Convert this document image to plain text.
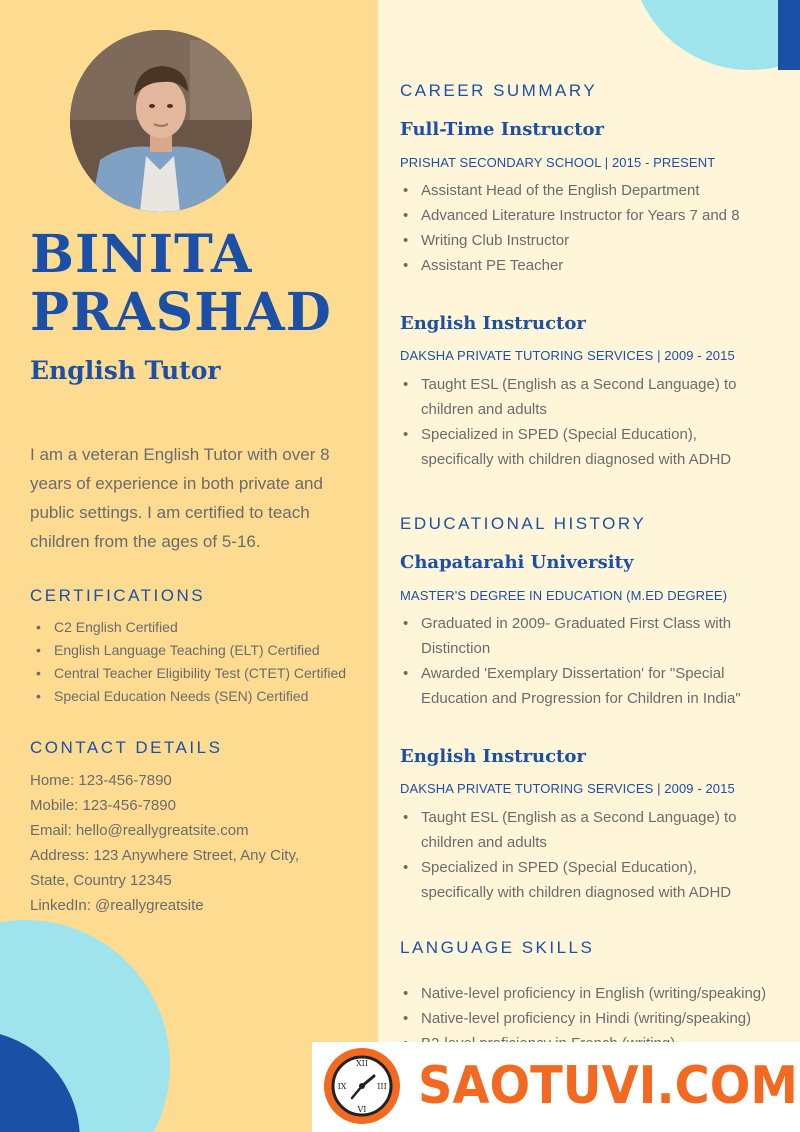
BINITA
PRASHAD
English Tutor

I am a veteran English Tutor with over 8 years of experience in both private and public settings. I am certified to teach children from the ages of 5-16.

CERTIFICATIONS
• C2 English Certified
• English Language Teaching (ELT) Certified
• Central Teacher Eligibility Test (CTET) Certified
• Special Education Needs (SEN) Certified
CONTACT DETAILS
Home: 123-456-7890
Mobile: 123-456-7890
Email: hello@reallygreatsite.com
Address: 123 Anywhere Street, Any City,
State, Country 12345
LinkedIn: @reallygreatsite
CAREER SUMMARY
Full-Time Instructor
PRISHAT SECONDARY SCHOOL | 2015 - PRESENT
• Assistant Head of the English Department
• Advanced Literature Instructor for Years 7 and 8
• Writing Club Instructor
• Assistant PE Teacher
English Instructor
DAKSHA PRIVATE TUTORING SERVICES | 2009 - 2015
• Taught ESL (English as a Second Language) to children and adults
• Specialized in SPED (Special Education), specifically with children diagnosed with ADHD
EDUCATIONAL HISTORY
Chapatarahi University
MASTER'S DEGREE IN EDUCATION (M.ED DEGREE)
• Graduated in 2009- Graduated First Class with Distinction
• Awarded 'Exemplary Dissertation' for "Special Education and Progression for Children in India"
English Instructor
DAKSHA PRIVATE TUTORING SERVICES | 2009 - 2015
• Taught ESL (English as a Second Language) to children and adults
• Specialized in SPED (Special Education), specifically with children diagnosed with ADHD
LANGUAGE SKILLS
• Native-level proficiency in English (writing/speaking)
• Native-level proficiency in Hindi (writing/speaking)
•
XII
III
VI
IX SAOTUVI.COM
